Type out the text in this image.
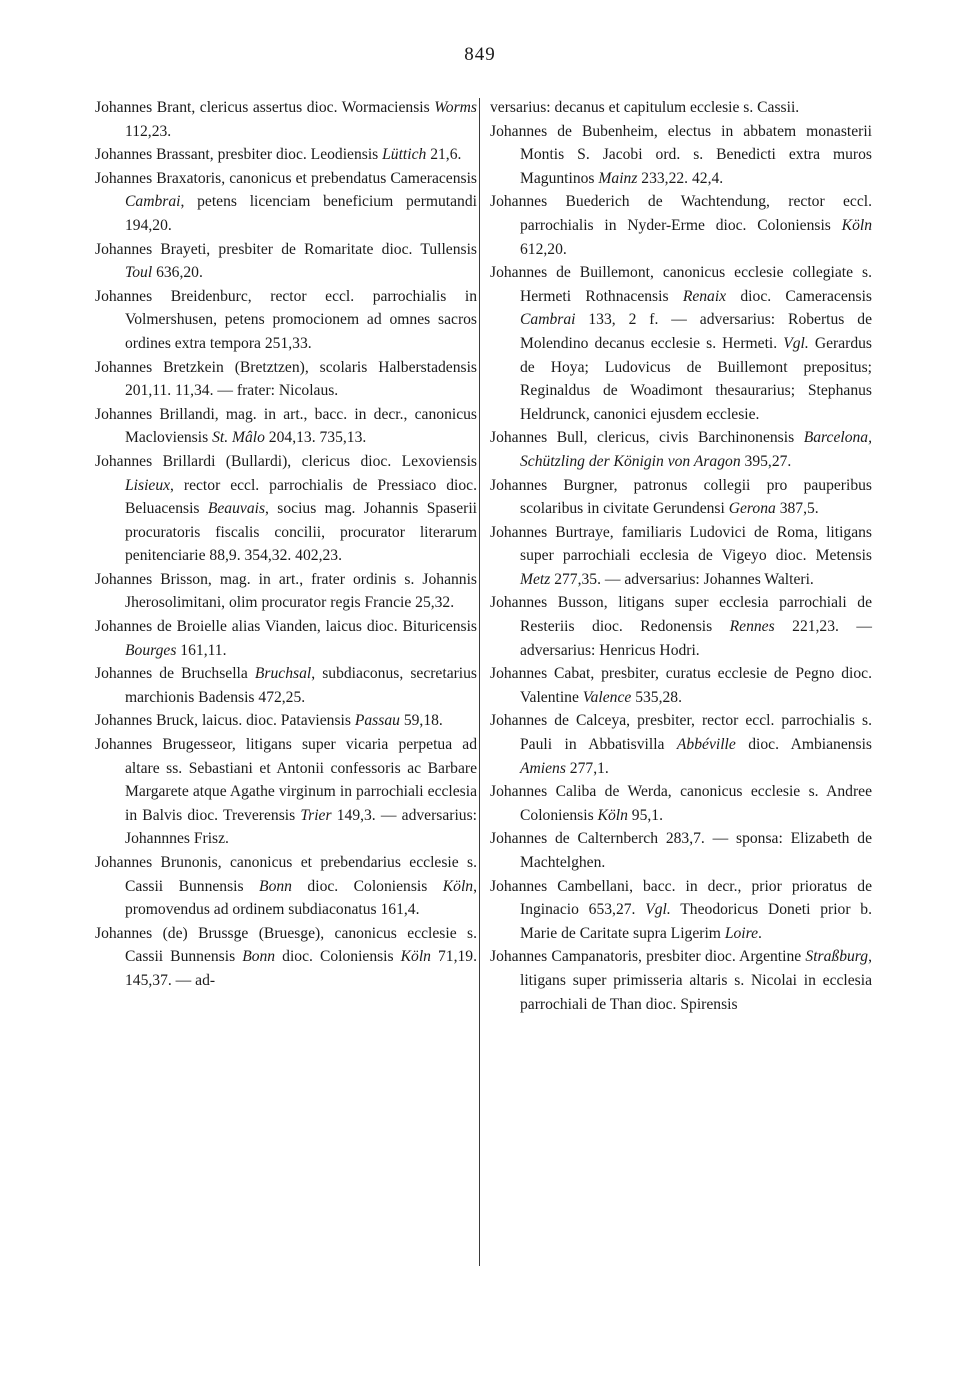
849

Johannes Brant, clericus assertus dioc. Wormaciensis Worms 112,23.

Johannes Brassant, presbiter dioc. Leodiensis Lüttich 21,6.

Johannes Braxatoris, canonicus et prebendatus Cameracensis Cambrai, petens licenciam beneficium permutandi 194,20.

Johannes Brayeti, presbiter de Romaritate dioc. Tullensis Toul 636,20.

Johannes Breidenburc, rector eccl. parrochialis in Volmershusen, petens promocionem ad omnes sacros ordines extra tempora 251,33.

Johannes Bretzkein (Bretztzen), scolaris Halberstadensis 201,11. 11,34. — frater: Nicolaus.

Johannes Brillandi, mag. in art., bacc. in decr., canonicus Macloviensis St. Mâlo 204,13. 735,13.

Johannes Brillardi (Bullardi), clericus dioc. Lexoviensis Lisieux, rector eccl. parrochialis de Pressiaco dioc. Beluacensis Beauvais, socius mag. Johannis Spaserii procuratoris fiscalis concilii, procurator literarum penitenciarie 88,9. 354,32. 402,23.

Johannes Brisson, mag. in art., frater ordinis s. Johannis Jherosolimitani, olim procurator regis Francie 25,32.

Johannes de Broielle alias Vianden, laicus dioc. Bituricensis Bourges 161,11.

Johannes de Bruchsella Bruchsal, subdiaconus, secretarius marchionis Badensis 472,25.

Johannes Bruck, laicus. dioc. Pataviensis Passau 59,18.

Johannes Brugesseor, litigans super vicaria perpetua ad altare ss. Sebastiani et Antonii confessoris ac Barbare Margarete atque Agathe virginum in parrochiali ecclesia in Balvis dioc. Treverensis Trier 149,3. — adversarius: Johannnes Frisz.

Johannes Brunonis, canonicus et prebendarius ecclesie s. Cassii Bunnensis Bonn dioc. Coloniensis Köln, promovendus ad ordinem subdiaconatus 161,4.

Johannes (de) Brussge (Bruesge), canonicus ecclesie s. Cassii Bunnensis Bonn dioc. Coloniensis Köln 71,19. 145,37. — ad-

versarius: decanus et capitulum ecclesie s. Cassii.

Johannes de Bubenheim, electus in abbatem monasterii Montis S. Jacobi ord. s. Benedicti extra muros Maguntinos Mainz 233,22. 42,4.

Johannes Buederich de Wachtendung, rector eccl. parrochialis in Nyder-Erme dioc. Coloniensis Köln 612,20.

Johannes de Buillemont, canonicus ecclesie collegiate s. Hermeti Rothnacensis Renaix dioc. Cameracensis Cambrai 133, 2 f. — adversarius: Robertus de Molendino decanus ecclesie s. Hermeti. Vgl. Gerardus de Hoya; Ludovicus de Buillemont prepositus; Reginaldus de Woadimont thesaurarius; Stephanus Heldrunck, canonici ejusdem ecclesie.

Johannes Bull, clericus, civis Barchinonensis Barcelona, Schützling der Königin von Aragon 395,27.

Johannes Burgner, patronus collegii pro pauperibus scolaribus in civitate Gerundensi Gerona 387,5.

Johannes Burtraye, familiaris Ludovici de Roma, litigans super parrochiali ecclesia de Vigeyo dioc. Metensis Metz 277,35. — adversarius: Johannes Walteri.

Johannes Busson, litigans super ecclesia parrochiali de Resteriis dioc. Redonensis Rennes 221,23. — adversarius: Henricus Hodri.

Johannes Cabat, presbiter, curatus ecclesie de Pegno dioc. Valentine Valence 535,28.

Johannes de Calceya, presbiter, rector eccl. parrochialis s. Pauli in Abbatisvilla Abbéville dioc. Ambianensis Amiens 277,1.

Johannes Caliba de Werda, canonicus ecclesie s. Andree Coloniensis Köln 95,1.

Johannes de Calternberch 283,7. — sponsa: Elizabeth de Machtelghen.

Johannes Cambellani, bacc. in decr., prior prioratus de Inginacio 653,27. Vgl. Theodoricus Doneti prior b. Marie de Caritate supra Ligerim Loire.

Johannes Campanatoris, presbiter dioc. Argentine Straßburg, litigans super primisseria altaris s. Nicolai in ecclesia parrochiali de Than dioc. Spirensis
